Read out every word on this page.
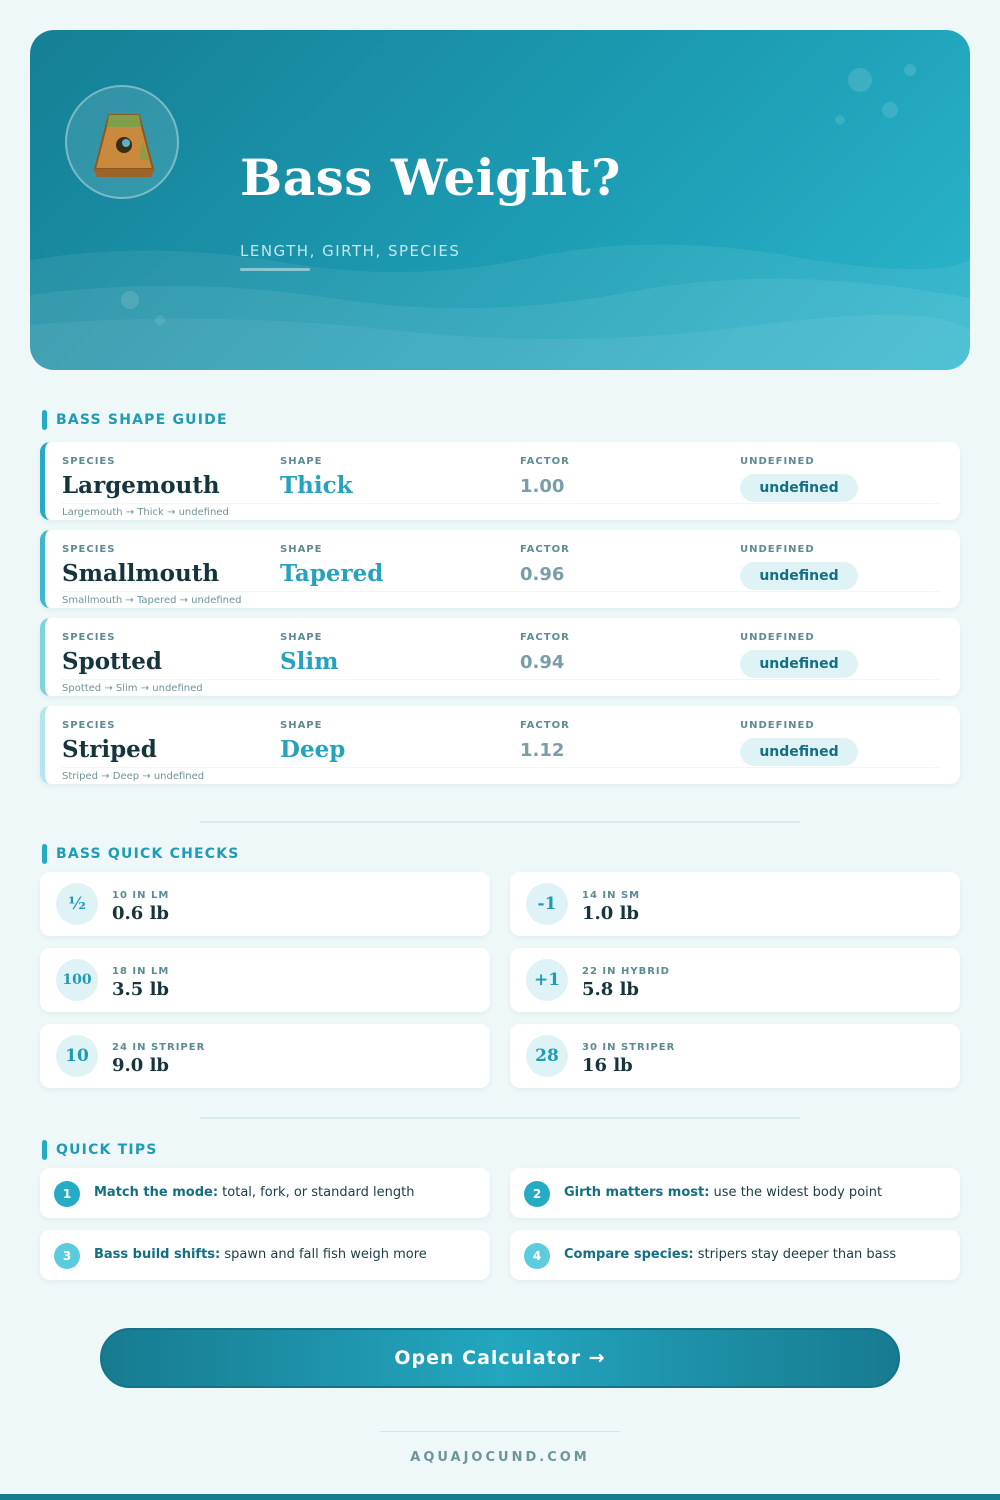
Bass Weight?
LENGTH, GIRTH, SPECIES
BASS SHAPE GUIDE
SPECIES
Largemouth
SHAPE
Thick
FACTOR
1.00
UNDEFINED
undefined
Largemouth → Thick → undefined
SPECIES
Smallmouth
SHAPE
Tapered
FACTOR
0.96
UNDEFINED
undefined
Smallmouth → Tapered → undefined
SPECIES
Spotted
SHAPE
Slim
FACTOR
0.94
UNDEFINED
undefined
Spotted → Slim → undefined
SPECIES
Striped
SHAPE
Deep
FACTOR
1.12
UNDEFINED
undefined
Striped → Deep → undefined
BASS QUICK CHECKS
½	10 IN LM
0.6 lb	-1	14 IN SM
1.0 lb
100
18 IN LM
3.5 lb	+1	22 IN HYBRID
5.8 lb
10	24 IN STRIPER
9.0 lb	28	30 IN STRIPER
16 lb
QUICK TIPS
1	Match the mode: total, fork, or standard length	2	Girth matters most: use the widest body point
3	Bass build shifts: spawn and fall fish weigh more	4	Compare species: stripers stay deeper than bass
Open Calculator →
AQUAJOCUND.COM
